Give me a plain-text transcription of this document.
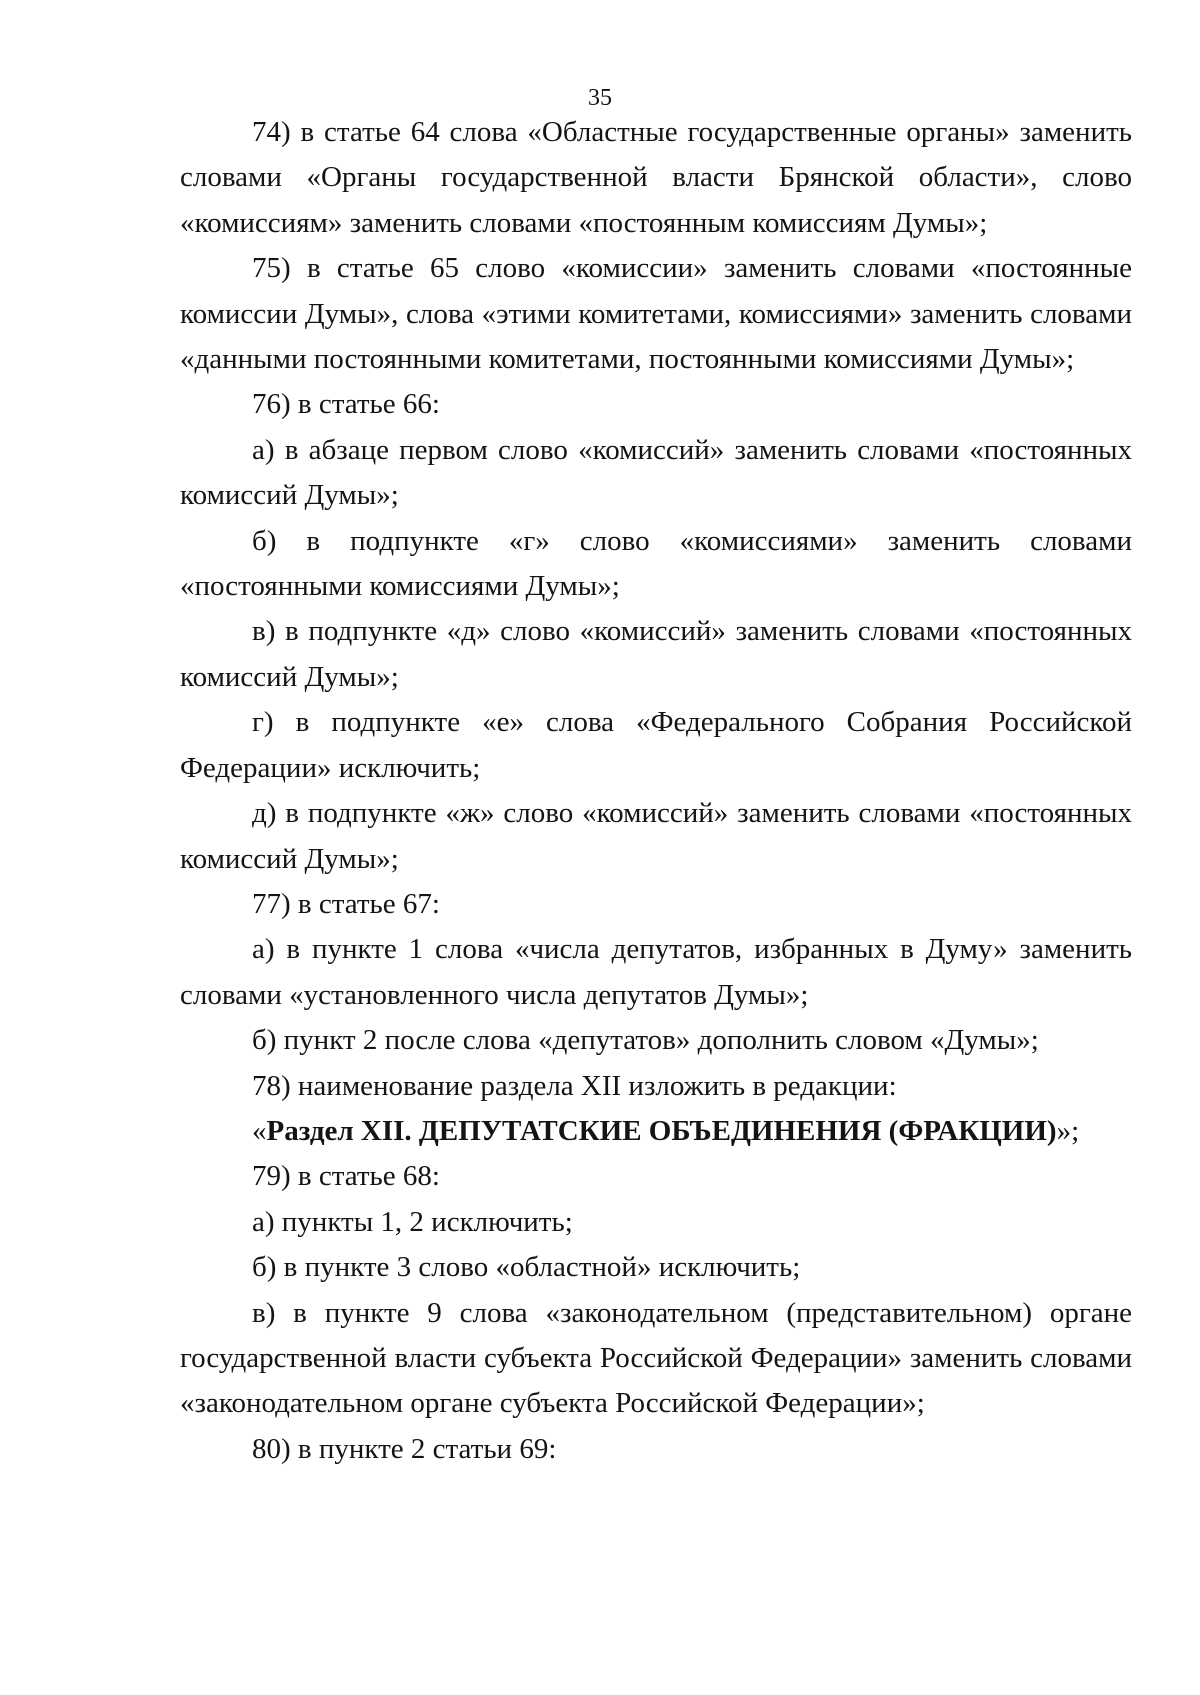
35

74) в статье 64 слова «Областные государственные органы» заменить словами «Органы государственной власти Брянской области», слово «комиссиям» заменить словами «постоянным комиссиям Думы»;

75) в статье 65 слово «комиссии» заменить словами «постоянные комиссии Думы», слова «этими комитетами, комиссиями» заменить словами «данными постоянными комитетами, постоянными комиссиями Думы»;

76) в статье 66:

а) в абзаце первом слово «комиссий» заменить словами «постоянных комиссий Думы»;

б) в подпункте «г» слово «комиссиями» заменить словами «постоянными комиссиями Думы»;

в) в подпункте «д» слово «комиссий» заменить словами «постоянных комиссий Думы»;

г) в подпункте «е» слова «Федерального Собрания Российской Федерации» исключить;

д) в подпункте «ж» слово «комиссий» заменить словами «постоянных комиссий Думы»;

77) в статье 67:

а) в пункте 1 слова «числа депутатов, избранных в Думу» заменить словами «установленного числа депутатов Думы»;

б) пункт 2 после слова «депутатов» дополнить словом «Думы»;

78) наименование раздела XII изложить в редакции:

«Раздел XII. ДЕПУТАТСКИЕ ОБЪЕДИНЕНИЯ (ФРАКЦИИ)»;

79) в статье 68:

а) пункты 1, 2 исключить;

б) в пункте 3 слово «областной» исключить;

в) в пункте 9 слова «законодательном (представительном) органе государственной власти субъекта Российской Федерации» заменить словами «законодательном органе субъекта Российской Федерации»;

80) в пункте 2 статьи 69:
